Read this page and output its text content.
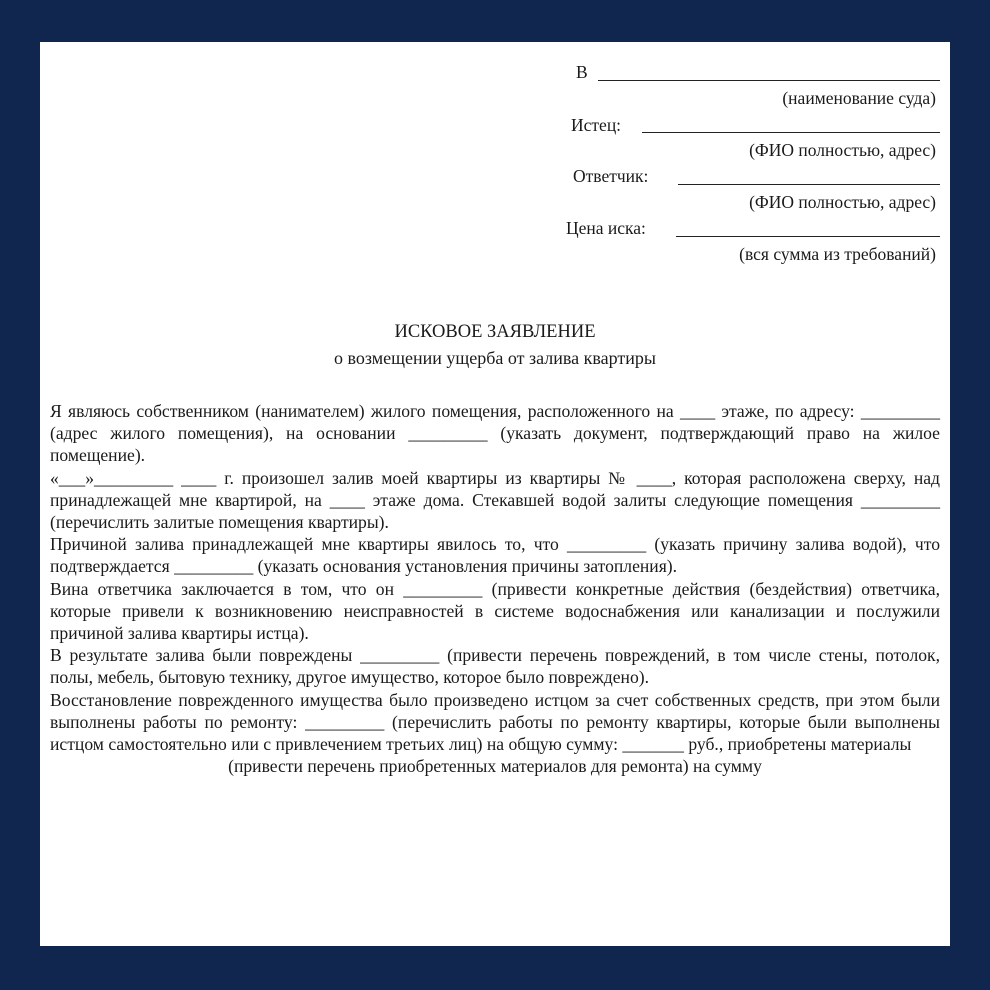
В
(наименование суда)
Истец:
(ФИО полностью, адрес)
Ответчик:
(ФИО полностью, адрес)
Цена иска:
(вся сумма из требований)
ИСКОВОЕ ЗАЯВЛЕНИЕ
о возмещении ущерба от залива квартиры

Я являюсь собственником (нанимателем) жилого помещения, расположенного на ____ этаже, по адресу: _________ (адрес жилого помещения), на основании _________ (указать документ, подтверждающий право на жилое помещение).

«___»_________ ____ г. произошел залив моей квартиры из квартиры № ____, которая расположена сверху, над принадлежащей мне квартирой, на ____ этаже дома. Стекавшей водой залиты следующие помещения _________ (перечислить залитые помещения квартиры).

Причиной залива принадлежащей мне квартиры явилось то, что _________ (указать причину залива водой), что подтверждается _________ (указать основания установления причины затопления).

Вина ответчика заключается в том, что он _________ (привести конкретные действия (бездействия) ответчика, которые привели к возникновению неисправностей в системе водоснабжения или канализации и послужили причиной залива квартиры истца).

В результате залива были повреждены _________ (привести перечень повреждений, в том числе стены, потолок, полы, мебель, бытовую технику, другое имущество, которое было повреждено).

Восстановление поврежденного имущества было произведено истцом за счет собственных средств, при этом были выполнены работы по ремонту: _________ (перечислить работы по ремонту квартиры, которые были выполнены истцом самостоятельно или с привлечением третьих лиц) на общую сумму: _______ руб., приобретены материалы

(привести перечень приобретенных материалов для ремонта) на сумму
